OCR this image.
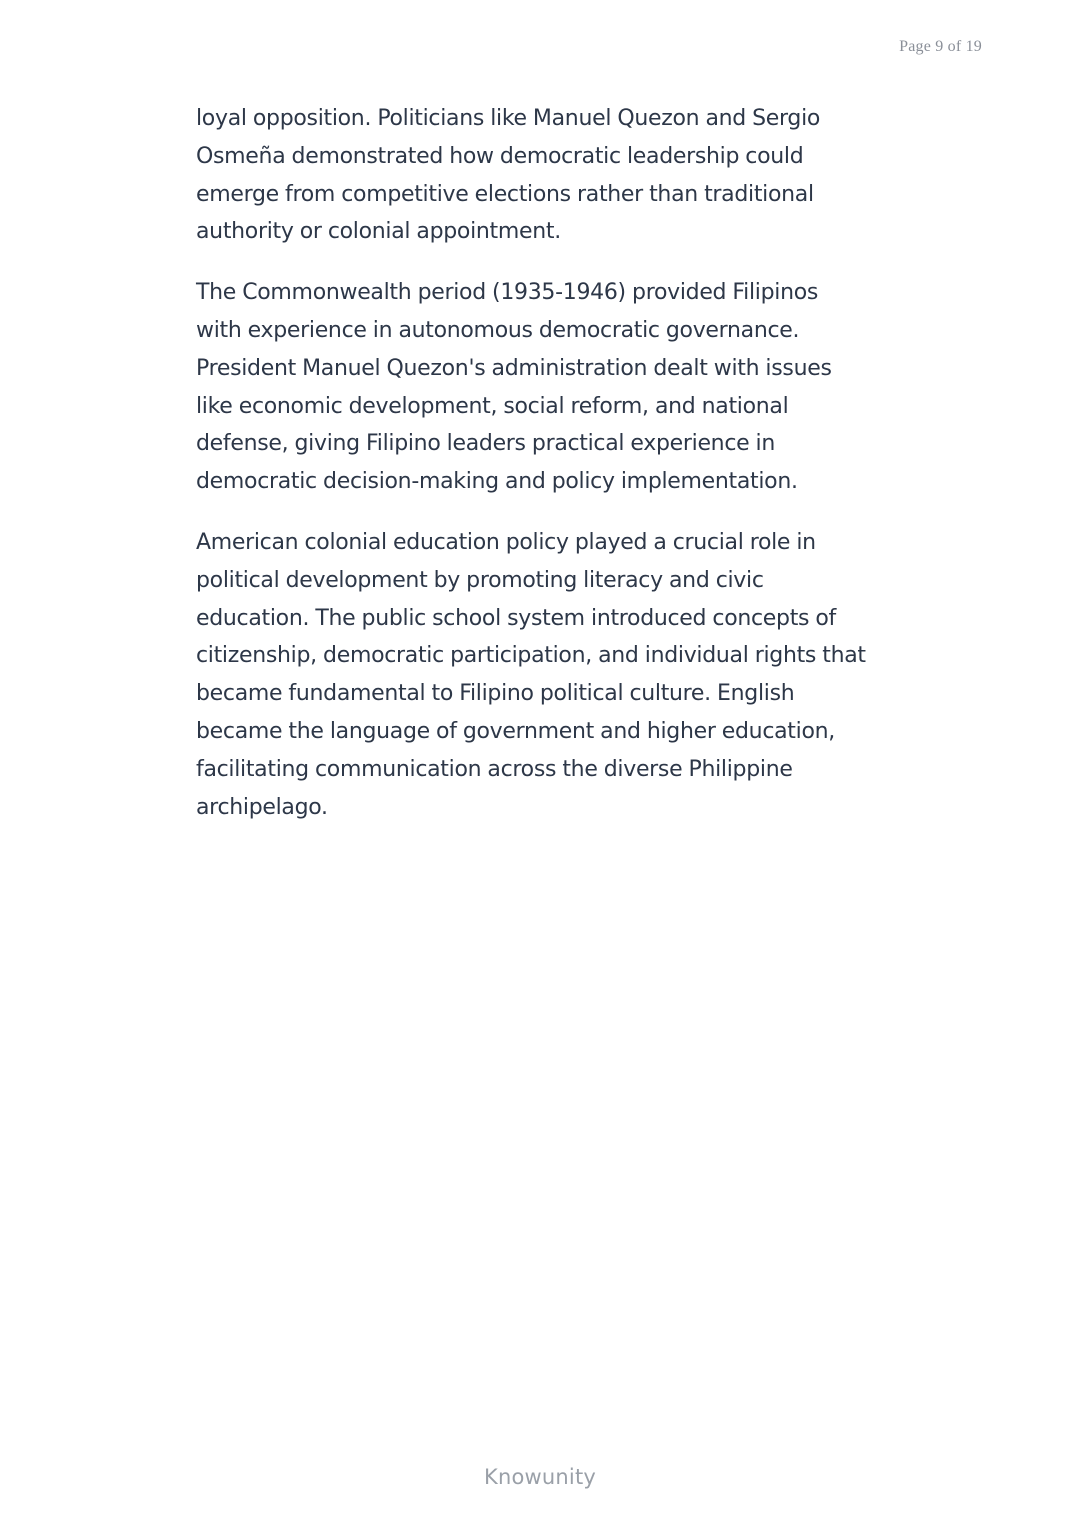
Page 9 of 19

loyal opposition. Politicians like Manuel Quezon and Sergio
Osmeña demonstrated how democratic leadership could
emerge from competitive elections rather than traditional
authority or colonial appointment.

The Commonwealth period (1935-1946) provided Filipinos
with experience in autonomous democratic governance.
President Manuel Quezon's administration dealt with issues
like economic development, social reform, and national
defense, giving Filipino leaders practical experience in
democratic decision-making and policy implementation.

American colonial education policy played a crucial role in
political development by promoting literacy and civic
education. The public school system introduced concepts of
citizenship, democratic participation, and individual rights that
became fundamental to Filipino political culture. English
became the language of government and higher education,
facilitating communication across the diverse Philippine
archipelago.

Knowunity
